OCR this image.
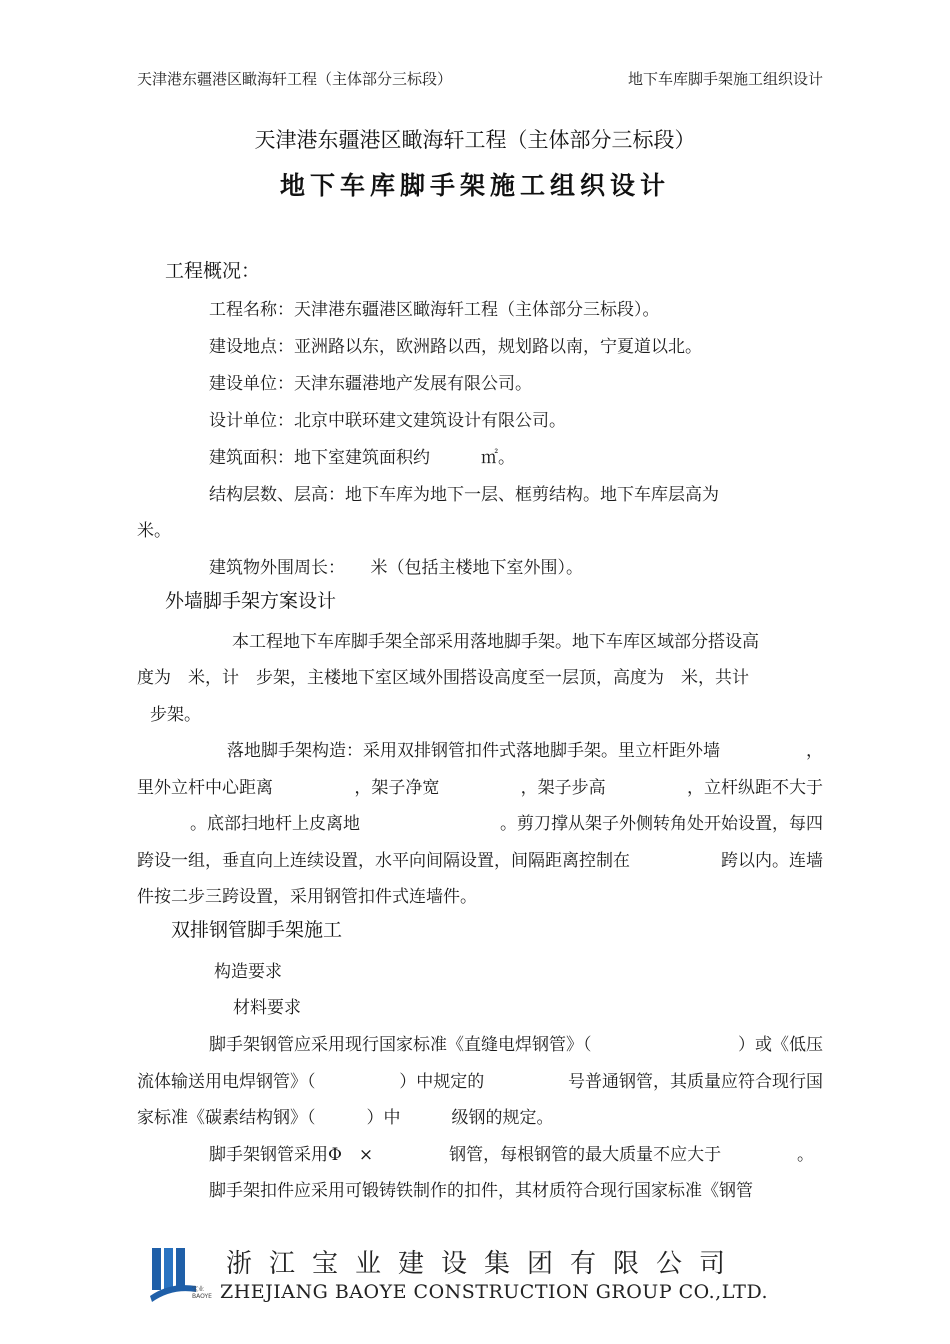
天津港东疆港区瞰海轩工程（主体部分三标段）	地下车库脚手架施工组织设计
天津港东疆港区瞰海轩工程（主体部分三标段）
地下车库脚手架施工组织设计
工程概况：
工程名称：天津港东疆港区瞰海轩工程（主体部分三标段）。
建设地点：亚洲路以东，欧洲路以西，规划路以南，宁夏道以北。
建设单位：天津东疆港地产发展有限公司。
设计单位：北京中联环建文建筑设计有限公司。
建筑面积：地下室建筑面积约　　　㎡。
结构层数、层高：地下车库为地下一层、框剪结构。地下车库层高为
米。
建筑物外围周长：　　米（包括主楼地下室外围）。
外墙脚手架方案设计
本工程地下车库脚手架全部采用落地脚手架。地下车库区域部分搭设高
度为　米，计　步架，主楼地下室区域外围搭设高度至一层顶，高度为　米，共计
步架。
落地脚手架构造：采用双排钢管扣件式落地脚手架。里立杆距外墙	，
里外立杆中心距离	，架子净宽	，架子步高	，立杆纵距不大于
。底部扫地杆上皮离地	。剪刀撑从架子外侧转角处开始设置，每四
跨设一组，垂直向上连续设置，水平向间隔设置，间隔距离控制在	跨以内。连墙
件按二步三跨设置，采用钢管扣件式连墙件。
双排钢管脚手架施工
构造要求
材料要求
脚手架钢管应采用现行国家标准《直缝电焊钢管》（	）或《低压
流体输送用电焊钢管》（	）中规定的	号普通钢管，其质量应符合现行国
家标准《碳素结构钢》（　　　）中　　　级钢的规定。
脚手架钢管采用Φ　×	钢管，每根钢管的最大质量不应大于	。
脚手架扣件应采用可锻铸铁制作的扣件，其材质符合现行国家标准《钢管
宝业
BAOYE
浙江宝业建设集团有限公司
ZHEJIANG BAOYE CONSTRUCTION GROUP CO.,LTD.
